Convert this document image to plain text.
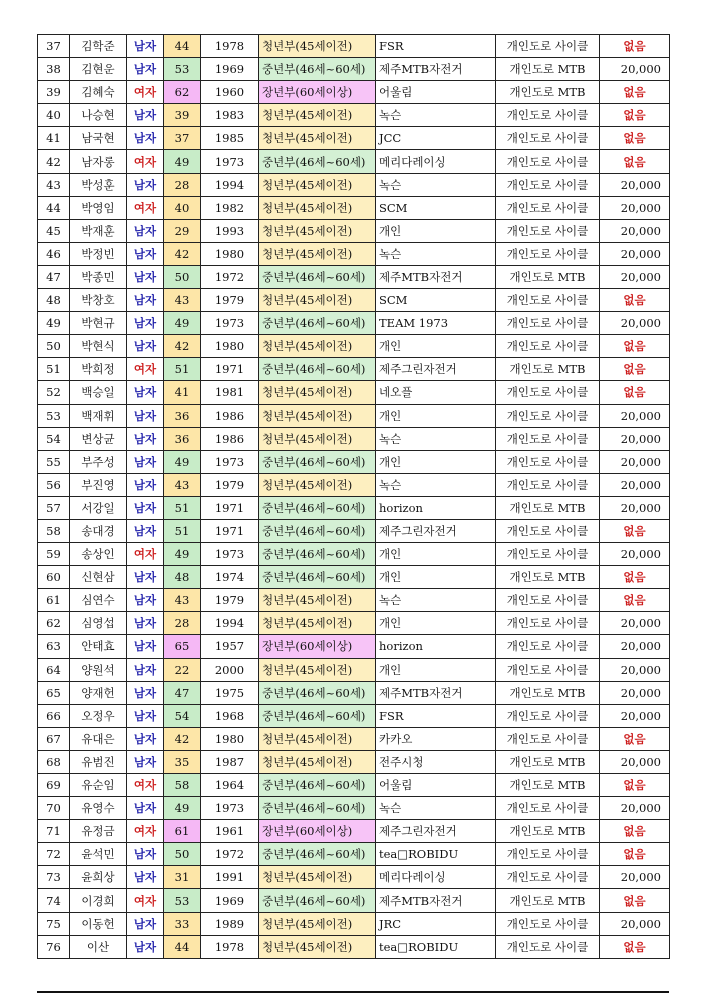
37	김학준	남자	44	1978	청년부(45세이전)	FSR	개인도로 사이클	없음
38	김현운	남자	53	1969	중년부(46세~60세)	제주MTB자전거	개인도로 MTB	20,000
39	김혜숙	여자	62	1960	장년부(60세이상)	어울림	개인도로 MTB	없음
40	나승현	남자	39	1983	청년부(45세이전)	녹슨	개인도로 사이클	없음
41	남국현	남자	37	1985	청년부(45세이전)	JCC	개인도로 사이클	없음
42	남자롱	여자	49	1973	중년부(46세~60세)	메리다레이싱	개인도로 사이클	없음
43	박성훈	남자	28	1994	청년부(45세이전)	녹슨	개인도로 사이클	20,000
44	박영임	여자	40	1982	청년부(45세이전)	SCM	개인도로 사이클	20,000
45	박재훈	남자	29	1993	청년부(45세이전)	개인	개인도로 사이클	20,000
46	박정빈	남자	42	1980	청년부(45세이전)	녹슨	개인도로 사이클	20,000
47	박종민	남자	50	1972	중년부(46세~60세)	제주MTB자전거	개인도로 MTB	20,000
48	박창호	남자	43	1979	청년부(45세이전)	SCM	개인도로 사이클	없음
49	박현규	남자	49	1973	중년부(46세~60세)	TEAM 1973	개인도로 사이클	20,000
50	박현식	남자	42	1980	청년부(45세이전)	개인	개인도로 사이클	없음
51	박희정	여자	51	1971	중년부(46세~60세)	제주그린자전거	개인도로 MTB	없음
52	백승일	남자	41	1981	청년부(45세이전)	네오플	개인도로 사이클	없음
53	백재휘	남자	36	1986	청년부(45세이전)	개인	개인도로 사이클	20,000
54	변상균	남자	36	1986	청년부(45세이전)	녹슨	개인도로 사이클	20,000
55	부주성	남자	49	1973	중년부(46세~60세)	개인	개인도로 사이클	20,000
56	부진영	남자	43	1979	청년부(45세이전)	녹슨	개인도로 사이클	20,000
57	서강일	남자	51	1971	중년부(46세~60세)	horizon	개인도로 MTB	20,000
58	송대경	남자	51	1971	중년부(46세~60세)	제주그린자전거	개인도로 사이클	없음
59	송상인	여자	49	1973	중년부(46세~60세)	개인	개인도로 사이클	20,000
60	신현삼	남자	48	1974	중년부(46세~60세)	개인	개인도로 MTB	없음
61	심연수	남자	43	1979	청년부(45세이전)	녹슨	개인도로 사이클	없음
62	심영섭	남자	28	1994	청년부(45세이전)	개인	개인도로 사이클	20,000
63	안태효	남자	65	1957	장년부(60세이상)	horizon	개인도로 사이클	20,000
64	양원석	남자	22	2000	청년부(45세이전)	개인	개인도로 사이클	20,000
65	양재헌	남자	47	1975	중년부(46세~60세)	제주MTB자전거	개인도로 MTB	20,000
66	오정우	남자	54	1968	중년부(46세~60세)	FSR	개인도로 사이클	20,000
67	유대은	남자	42	1980	청년부(45세이전)	카카오	개인도로 사이클	없음
68	유범진	남자	35	1987	청년부(45세이전)	전주시청	개인도로 MTB	20,000
69	유순임	여자	58	1964	중년부(46세~60세)	어울림	개인도로 MTB	없음
70	유영수	남자	49	1973	중년부(46세~60세)	녹슨	개인도로 사이클	20,000
71	유정금	여자	61	1961	장년부(60세이상)	제주그린자전거	개인도로 MTB	없음
72	윤석민	남자	50	1972	중년부(46세~60세)	tea□ROBIDU	개인도로 사이클	없음
73	윤희상	남자	31	1991	청년부(45세이전)	메리다레이싱	개인도로 사이클	20,000
74	이경희	여자	53	1969	중년부(46세~60세)	제주MTB자전거	개인도로 MTB	없음
75	이동헌	남자	33	1989	청년부(45세이전)	JRC	개인도로 사이클	20,000
76	이산	남자	44	1978	청년부(45세이전)	tea□ROBIDU	개인도로 사이클	없음
